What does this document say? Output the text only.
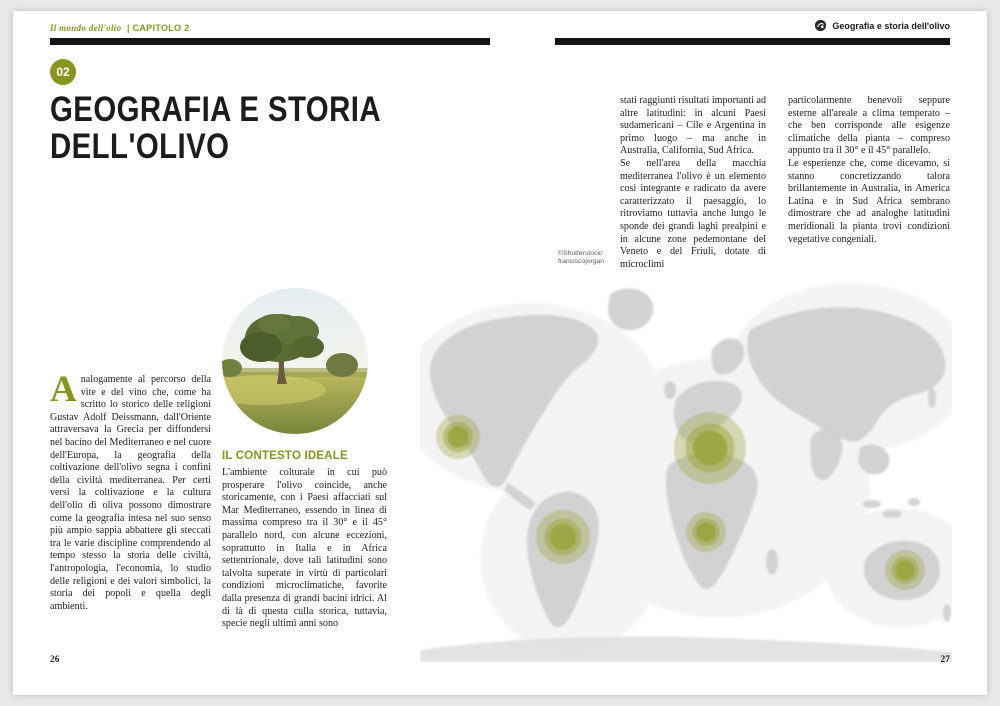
Il mondo dell'olio | CAPITOLO 2	Geografia e storia dell'olivo
02
GEOGRAFIA E STORIA
DELL'OLIVO
Analogamente al percorso della vite e del vino che, come ha scritto lo storico delle religioni Gustav Adolf Deissmann, dall'Oriente attraversava la Grecia per diffondersi nel bacino del Mediterraneo e nel cuore dell'Europa, la geografia della coltivazione dell'olivo segna i confini della civiltà mediterranea. Per certi versi la coltivazione e la cultura dell'olio di oliva possono dimostrare come la geografia intesa nel suo senso più ampio sappia abbattere gli steccati tra le varie discipline comprendendo al tempo stesso la storia delle civiltà, l'antropologia, l'economia, lo studio delle religioni e dei valori simbolici, la storia dei popoli e quella degli ambienti.
IL CONTESTO IDEALE
L'ambiente colturale in cui può prosperare l'olivo coincide, anche storicamente, con i Paesi affacciati sul Mar Mediterraneo, essendo in linea di massima compreso tra il 30° e il 45° parallelo nord, con alcune eccezioni, soprattutto in Italia e in Africa settentrionale, dove tali latitudini sono talvolta superate in virtù di particolari condizioni microclimatiche, favorite dalla presenza di grandi bacini idrici. Al di là di questa culla storica, tuttavia, specie negli ultimi anni sono

stati raggiunti risultati importanti ad altre latitudini: in alcuni Paesi sudamericani – Cile e Argentina in primo luogo – ma anche in Australia, California, Sud Africa.

Se nell'area della macchia mediterranea l'olivo è un elemento così integrante e radicato da avere caratterizzato il paesaggio, lo ritroviamo tuttavia anche lungo le sponde dei grandi laghi prealpini e in alcune zone pedemontane del Veneto e del Friuli, dotate di microclimi

particolarmente benevoli seppure esterne all'areale a clima temperato – che ben corrisponde alle esigenze climatiche della pianta – compreso appunto tra il 30° e il 45° parallelo.

Le esperienze che, come dicevamo, si stanno concretizzando talora brillantemente in Australia, in America Latina e in Sud Africa sembrano dimostrare che ad analoghe latitudini meridionali la pianta trovi condizioni vegetative congeniali.

©Shutterstock/
franciscojorgan
26	27
